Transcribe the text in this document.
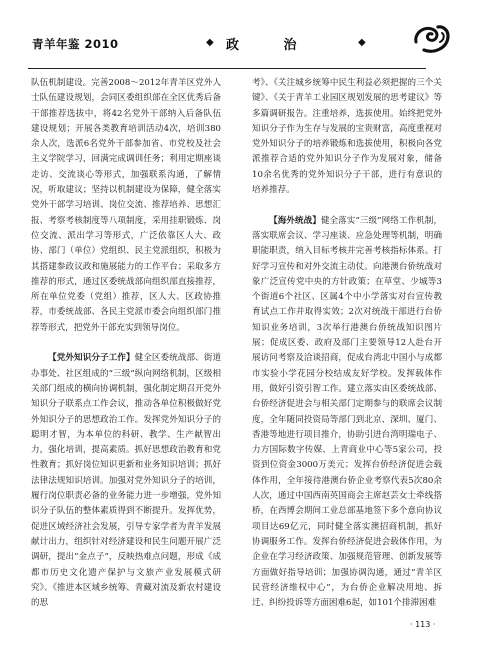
青羊年鉴 2010	◆ 政 治	◆

队伍机制建设。完善2008～2012年青羊区党外人士队伍建设规划，会同区委组织部在全区优秀后备干部推荐选拔中，将42名党外干部纳入后备队伍建设规划；开展各类教育培训活动4次，培训380余人次，选派6名党外干部参加省、市党校及社会主义学院学习，回满完成调训任务；利用定期座谈走访、交流谈心等形式，加强联系沟通，了解情况，听取建议；坚持以机制建设为保障，健全落实党外干部学习培训、岗位交流、推荐培养、思想汇报、考察考核制度等八项制度，采用挂职锻炼、岗位交流、派出学习等形式，广泛依靠区人大、政协、部门（单位）党组织、民主党派组织，积极为其搭建参政议政和施展能力的工作平台；采取多方推荐的形式，通过区委统战部向组织部直接推荐，所在单位党委（党组）推荐，区人大、区政协推荐，市委统战部、各民主党派市委会向组织部门推荐等形式，把党外干部充实到领导岗位。

【党外知识分子工作】健全区委统战部、街道办事处、社区组成的“三级”纵向网络机制，区级相关部门组成的横向协调机制，强化制定期召开党外知识分子联系点工作会议，推动各单位积极做好党外知识分子的思想政治工作。发挥党外知识分子的聪明才智，为本单位的科研、教学、生产献智出力，强化培训，提高素质。抓好思想政治教育和党性教育；抓好岗位知识更新和业务知识培训；抓好法律法规知识培训。加强对党外知识分子的培训，履行岗位职责必备的业务能力进一步增强，党外知识分子队伍的整体素质得到不断提升。发挥优势，促进区域经济社会发展，引导专家学者为青羊发展献计出力，组织针对经济建设和民生问题开展广泛调研，提出“金点子”，反映热难点问题，形成《成都市历史文化遗产保护与文旅产业发展模式研究》、《推进本区域乡统筹、青藏对流及新农村建设的思

考》、《关注城乡统筹中民生利益必须把握的三个关键》、《关于青羊工业园区规划发展的思考建议》等多篇调研报告。注重培养，选拔使用。始终把党外知识分子作为生存与发展的宝贵财富，高度重视对党外知识分子的培养锻炼和选拔使用，积极向各党派推荐合适的党外知识分子作为发展对象，储备10余名优秀的党外知识分子干部，进行有意识的培养推荐。

【海外统战】健全落实“三级”网络工作机制，落实联席会议、学习座谈、应急处理等机制，明确职能职责，纳入目标考核并完善考核指标体系。打好学习宣传和对外交流主动仗。向港澳台侨统战对象广泛宣传党中央的方针政策；在草堂、少城等3个街道6个社区、区属4个中小学落实对台宣传教育试点工作并取得实效；2次对统战干部进行台侨知识业务培训，3次举行港澳台侨统战知识图片展；促成区委、政府及部门主要领导12人赴台开展访问考察及洽谈招商，促成台湾北中国小与成都市实验小学花园分校结成友好学校。发挥载体作用，做好引资引智工作。建立落实由区委统战部、台侨经济促进会与相关部门定期参与的联席会议制度，全年随同投资局等部门到北京、深圳、厦门、香港等地进行项目推介，协助引进台湾明瑞电子、力方国际数字传媒、上青商业中心等5家公司，投资到位资金3000万美元；发挥台侨经济促进会载体作用，全年接待港澳台侨企业考察代表5次80余人次，通过中国西南英国商会主席赵芸女士牵线搭桥，在西博会期间工业总部基地签下多个意向协议项目达69亿元，同时健全落实澳招商机制，抓好协调服务工作。发挥台侨经济促进会载体作用，为企业在学习经济政策、加强规范管理、创新发展等方面做好指导培训；加强协调沟通，通过“青羊区民营经济维权中心”，为台侨企业解决用地、拆迁、纠纷投诉等方面困难6起，如101个排滞困难

· 113 ·
